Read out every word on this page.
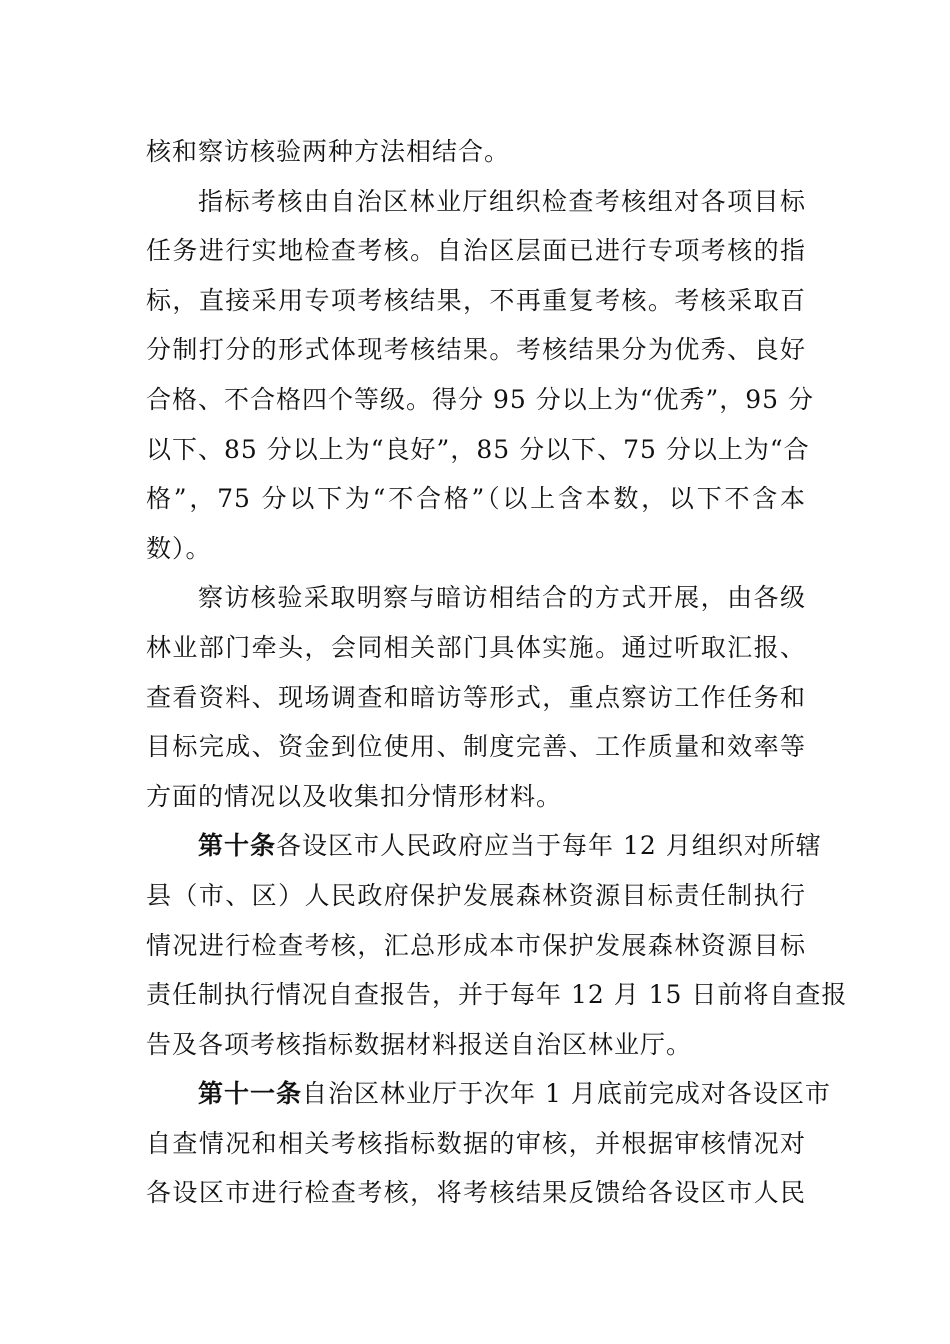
核和察访核验两种方法相结合。
指标考核由自治区林业厅组织检查考核组对各项目标
任务进行实地检查考核。自治区层面已进行专项考核的指
标，直接采用专项考核结果，不再重复考核。考核采取百
分制打分的形式体现考核结果。考核结果分为优秀、良好
合格、不合格四个等级。得分 95 分以上为“优秀”，95 分
以下、85 分以上为“良好”，85 分以下、75 分以上为“合
格”，75 分以下为“不合格”（以上含本数，以下不含本
数）。
察访核验采取明察与暗访相结合的方式开展，由各级
林业部门牵头，会同相关部门具体实施。通过听取汇报、
查看资料、现场调查和暗访等形式，重点察访工作任务和
目标完成、资金到位使用、制度完善、工作质量和效率等
方面的情况以及收集扣分情形材料。
第十条各设区市人民政府应当于每年 12 月组织对所辖
县（市、区）人民政府保护发展森林资源目标责任制执行
情况进行检查考核，汇总形成本市保护发展森林资源目标
责任制执行情况自查报告，并于每年 12 月 15 日前将自查报
告及各项考核指标数据材料报送自治区林业厅。
第十一条自治区林业厅于次年 1 月底前完成对各设区市
自查情况和相关考核指标数据的审核，并根据审核情况对
各设区市进行检查考核，将考核结果反馈给各设区市人民
